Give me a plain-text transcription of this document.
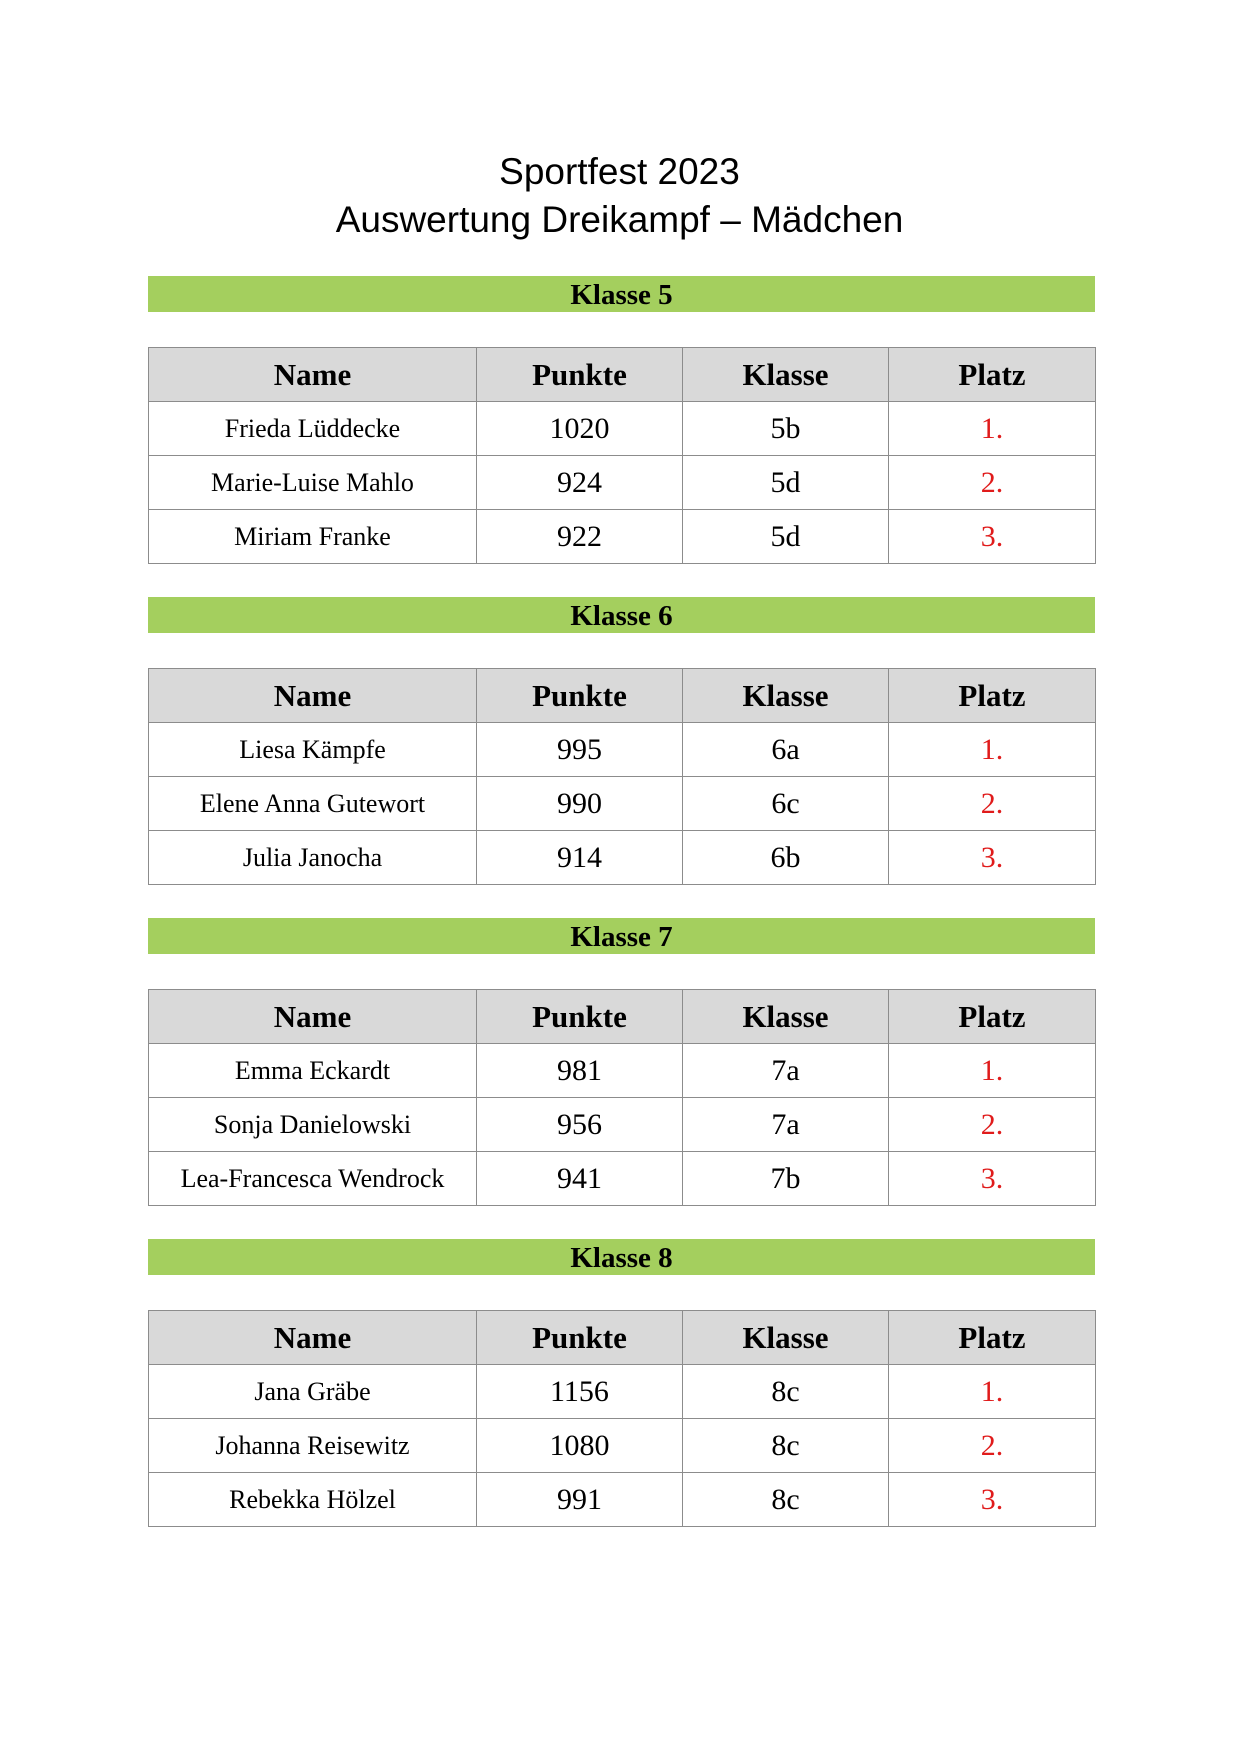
Sportfest 2023
Auswertung Dreikampf – Mädchen
Klasse 5
Name	Punkte	Klasse	Platz
Frieda Lüddecke	1020	5b	1.
Marie-Luise Mahlo	924	5d	2.
Miriam Franke	922	5d	3.
Klasse 6
Name	Punkte	Klasse	Platz
Liesa Kämpfe	995	6a	1.
Elene Anna Gutewort	990	6c	2.
Julia Janocha	914	6b	3.
Klasse 7
Name	Punkte	Klasse	Platz
Emma Eckardt	981	7a	1.
Sonja Danielowski	956	7a	2.
Lea-Francesca Wendrock	941	7b	3.
Klasse 8
Name	Punkte	Klasse	Platz
Jana Gräbe	1156	8c	1.
Johanna Reisewitz	1080	8c	2.
Rebekka Hölzel	991	8c	3.
